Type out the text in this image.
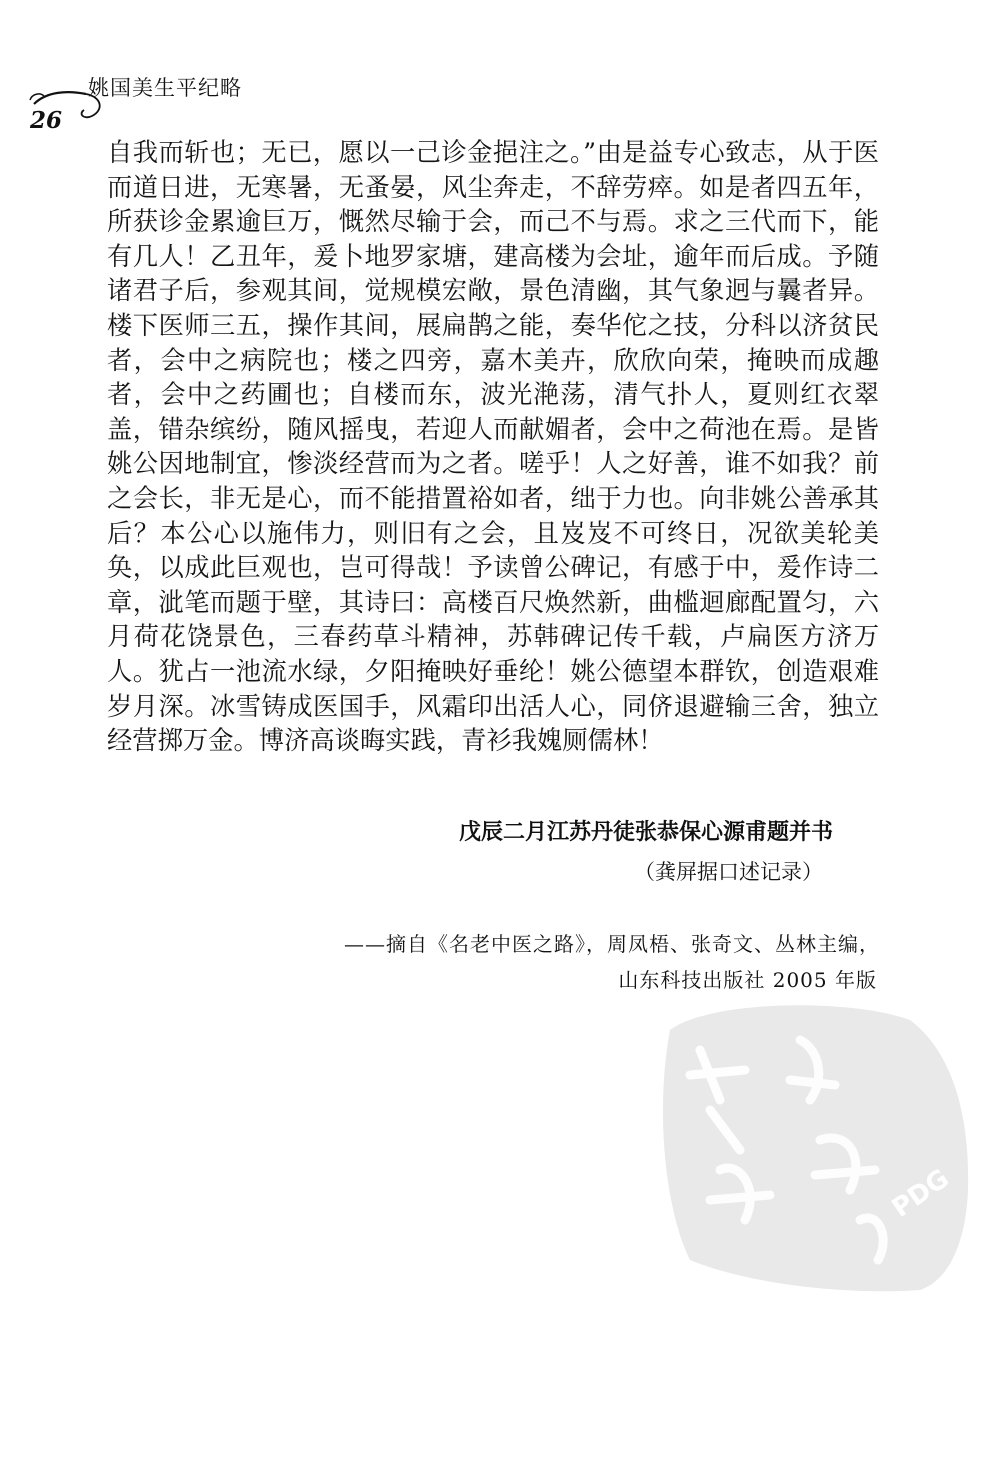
姚国美生平纪略
26

自我而斩也；无已，愿以一己诊金挹注之。”由是益专心致志，从于医而道日进，无寒暑，无蚤晏，风尘奔走，不辞劳瘁。如是者四五年，所获诊金累逾巨万，慨然尽输于会，而己不与焉。求之三代而下，能有几人！乙丑年，爰卜地罗家塘，建高楼为会址，逾年而后成。予随诸君子后，参观其间，觉规模宏敞，景色清幽，其气象迥与曩者异。楼下医师三五，操作其间，展扁鹊之能，奏华佗之技，分科以济贫民者，会中之病院也；楼之四旁，嘉木美卉，欣欣向荣，掩映而成趣者，会中之药圃也；自楼而东，波光滟荡，清气扑人，夏则红衣翠盖，错杂缤纷，随风摇曳，若迎人而献媚者，会中之荷池在焉。是皆姚公因地制宜，惨淡经营而为之者。嗟乎！人之好善，谁不如我？前之会长，非无是心，而不能措置裕如者，绌于力也。向非姚公善承其后？本公心以施伟力，则旧有之会，且岌岌不可终日，况欲美轮美奂，以成此巨观也，岂可得哉！予读曾公碑记，有感于中，爰作诗二章，泚笔而题于壁，其诗曰：高楼百尺焕然新，曲槛迴廊配置匀，六月荷花饶景色，三春药草斗精神，苏韩碑记传千载，卢扁医方济万人。犹占一池流水绿，夕阳掩映好垂纶！姚公德望本群钦，创造艰难岁月深。冰雪铸成医国手，风霜印出活人心，同侪退避输三舍，独立经营掷万金。博济高谈晦实践，青衫我媿厕儒林！

戊辰二月江苏丹徒张恭保心源甫题并书
（龚屏据口述记录）
——摘自《名老中医之路》，周凤梧、张奇文、丛林主编，
山东科技出版社 2005 年版
PDG
